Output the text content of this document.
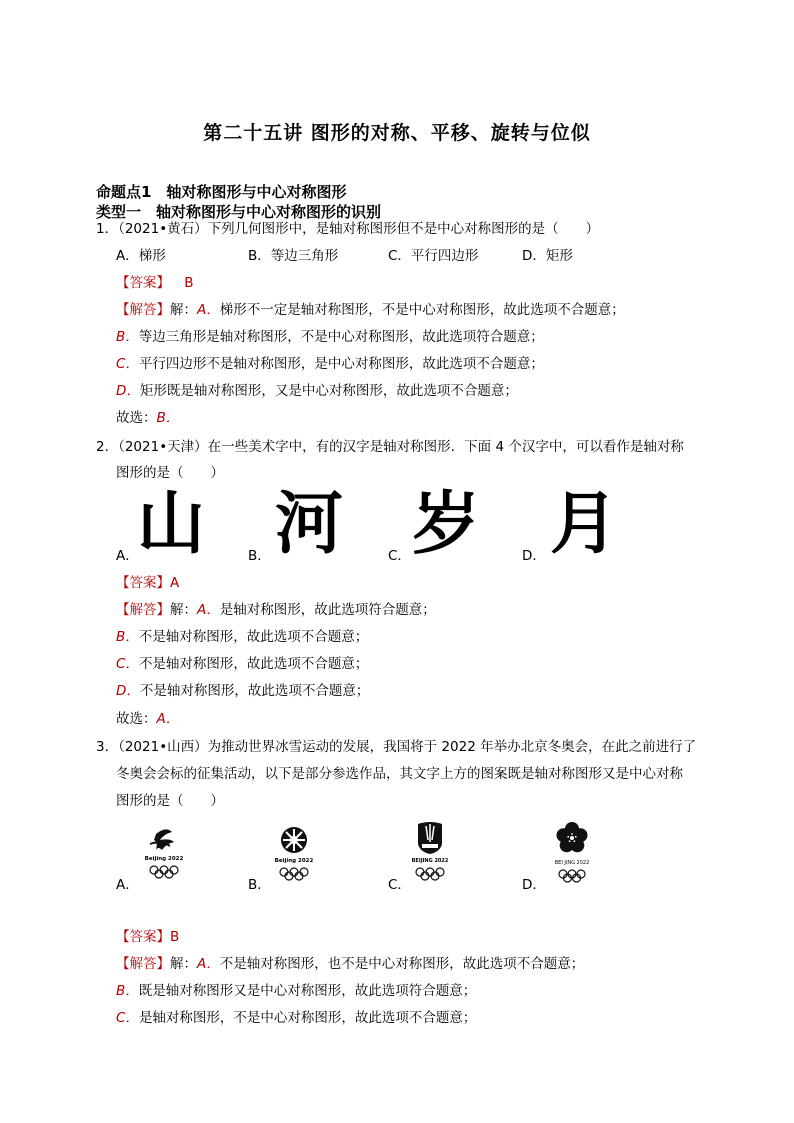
第二十五讲 图形的对称、平移、旋转与位似
命题点1　轴对称图形与中心对称图形
类型一　轴对称图形与中心对称图形的识别
1．（2021•黄石）下列几何图形中，是轴对称图形但不是中心对称图形的是（　　）
A．梯形	B．等边三角形	C．平行四边形	D．矩形
【答案】 B
【解答】解：A．梯形不一定是轴对称图形，不是中心对称图形，故此选项不合题意；
B．等边三角形是轴对称图形，不是中心对称图形，故此选项符合题意；
C．平行四边形不是轴对称图形，是中心对称图形，故此选项不合题意；
D．矩形既是轴对称图形，又是中心对称图形，故此选项不合题意；
故选：B．
2．（2021•天津）在一些美术字中，有的汉字是轴对称图形．下面 4 个汉字中，可以看作是轴对称
图形的是（　　）
A．
山	B． 河	C． 岁	D． 月
【答案】A
【解答】解：A．是轴对称图形，故此选项符合题意；
B．不是轴对称图形，故此选项不合题意；
C．不是轴对称图形，故此选项不合题意；
D．不是轴对称图形，故此选项不合题意；
故选：A．
3．（2021•山西）为推动世界冰雪运动的发展，我国将于 2022 年举办北京冬奥会，在此之前进行了
冬奥会会标的征集活动，以下是部分参选作品，其文字上方的图案既是轴对称图形又是中心对称
图形的是（　　）
A．	B．	C．	D．
Beijing 2022	Beijing 2022	BEIJING 2022	BEI JING 2022
【答案】B
【解答】解：A．不是轴对称图形，也不是中心对称图形，故此选项不合题意；
B．既是轴对称图形又是中心对称图形，故此选项符合题意；
C．是轴对称图形，不是中心对称图形，故此选项不合题意；
